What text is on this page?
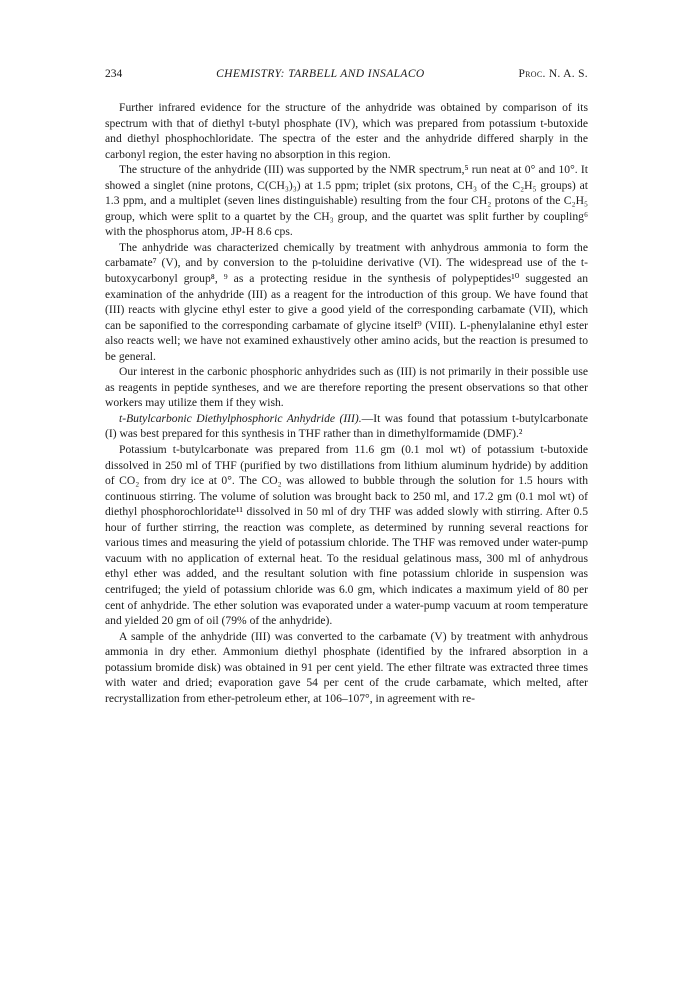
234	CHEMISTRY: TARBELL AND INSALACO	Proc. N. A. S.

Further infrared evidence for the structure of the anhydride was obtained by comparison of its spectrum with that of diethyl t-butyl phosphate (IV), which was prepared from potassium t-butoxide and diethyl phosphochloridate. The spectra of the ester and the anhydride differed sharply in the carbonyl region, the ester having no absorption in this region.

The structure of the anhydride (III) was supported by the NMR spectrum,⁵ run neat at 0° and 10°. It showed a singlet (nine protons, C(CH₃)₃) at 1.5 ppm; triplet (six protons, CH₃ of the C₂H₅ groups) at 1.3 ppm, and a multiplet (seven lines distinguishable) resulting from the four CH₂ protons of the C₂H₅ group, which were split to a quartet by the CH₃ group, and the quartet was split further by coupling⁶ with the phosphorus atom, JP-H 8.6 cps.

The anhydride was characterized chemically by treatment with anhydrous ammonia to form the carbamate⁷ (V), and by conversion to the p-toluidine derivative (VI). The widespread use of the t-butoxycarbonyl group⁸, ⁹ as a protecting residue in the synthesis of polypeptides¹⁰ suggested an examination of the anhydride (III) as a reagent for the introduction of this group. We have found that (III) reacts with glycine ethyl ester to give a good yield of the corresponding carbamate (VII), which can be saponified to the corresponding carbamate of glycine itself⁹ (VIII). L-phenylalanine ethyl ester also reacts well; we have not examined exhaustively other amino acids, but the reaction is presumed to be general.

Our interest in the carbonic phosphoric anhydrides such as (III) is not primarily in their possible use as reagents in peptide syntheses, and we are therefore reporting the present observations so that other workers may utilize them if they wish.

t-Butylcarbonic Diethylphosphoric Anhydride (III).—It was found that potassium t-butylcarbonate (I) was best prepared for this synthesis in THF rather than in dimethylformamide (DMF).²

Potassium t-butylcarbonate was prepared from 11.6 gm (0.1 mol wt) of potassium t-butoxide dissolved in 250 ml of THF (purified by two distillations from lithium aluminum hydride) by addition of CO₂ from dry ice at 0°. The CO₂ was allowed to bubble through the solution for 1.5 hours with continuous stirring. The volume of solution was brought back to 250 ml, and 17.2 gm (0.1 mol wt) of diethyl phosphorochloridate¹¹ dissolved in 50 ml of dry THF was added slowly with stirring. After 0.5 hour of further stirring, the reaction was complete, as determined by running several reactions for various times and measuring the yield of potassium chloride. The THF was removed under water-pump vacuum with no application of external heat. To the residual gelatinous mass, 300 ml of anhydrous ethyl ether was added, and the resultant solution with fine potassium chloride in suspension was centrifuged; the yield of potassium chloride was 6.0 gm, which indicates a maximum yield of 80 per cent of anhydride. The ether solution was evaporated under a water-pump vacuum at room temperature and yielded 20 gm of oil (79% of the anhydride).

A sample of the anhydride (III) was converted to the carbamate (V) by treatment with anhydrous ammonia in dry ether. Ammonium diethyl phosphate (identified by the infrared absorption in a potassium bromide disk) was obtained in 91 per cent yield. The ether filtrate was extracted three times with water and dried; evaporation gave 54 per cent of the crude carbamate, which melted, after recrystallization from ether-petroleum ether, at 106–107°, in agreement with re-
